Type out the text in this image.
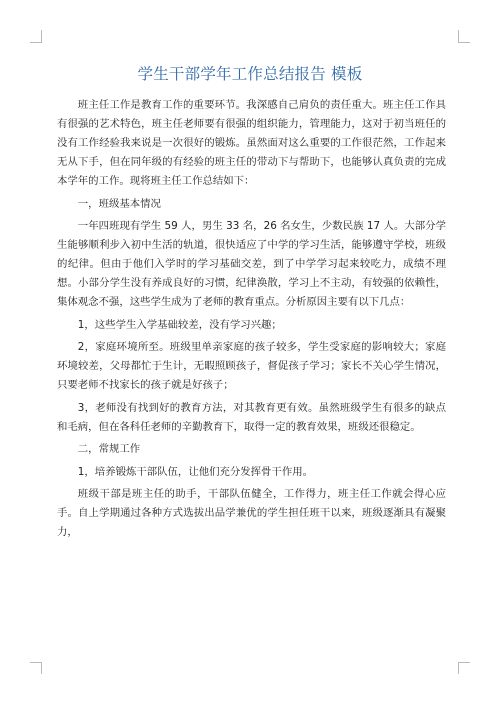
学生干部学年工作总结报告 模板

班主任工作是教育工作的重要环节。我深感自己肩负的责任重大。班主任工作具有很强的艺术特色，班主任老师要有很强的组织能力，管理能力，这对于初当班任的没有工作经验我来说是一次很好的锻炼。虽然面对这么重要的工作很茫然，工作起来无从下手，但在同年级的有经验的班主任的带动下与帮助下，也能够认真负责的完成本学年的工作。现将班主任工作总结如下：

一，班级基本情况

一年四班现有学生 59 人，男生 33 名，26 名女生，少数民族 17 人。大部分学生能够顺利步入初中生活的轨道，很快适应了中学的学习生活，能够遵守学校，班级的纪律。但由于他们入学时的学习基础交差，到了中学学习起来较吃力，成绩不理想。小部分学生没有养成良好的习惯，纪律涣散，学习上不主动，有较强的依赖性，集体观念不强，这些学生成为了老师的教育重点。分析原因主要有以下几点：

1，这些学生入学基础较差，没有学习兴趣；

2，家庭环境所至。班级里单亲家庭的孩子较多，学生受家庭的影响较大；家庭环境较差，父母都忙于生计，无暇照顾孩子，督促孩子学习；家长不关心学生情况，只要老师不找家长的孩子就是好孩子；

3，老师没有找到好的教育方法，对其教育更有效。虽然班级学生有很多的缺点和毛病，但在各科任老师的辛勤教育下，取得一定的教育效果，班级还很稳定。

二，常规工作

1，培养锻炼干部队伍，让他们充分发挥骨干作用。

班级干部是班主任的助手，干部队伍健全，工作得力，班主任工作就会得心应手。自上学期通过各种方式选拔出品学兼优的学生担任班干以来，班级逐渐具有凝聚力，
